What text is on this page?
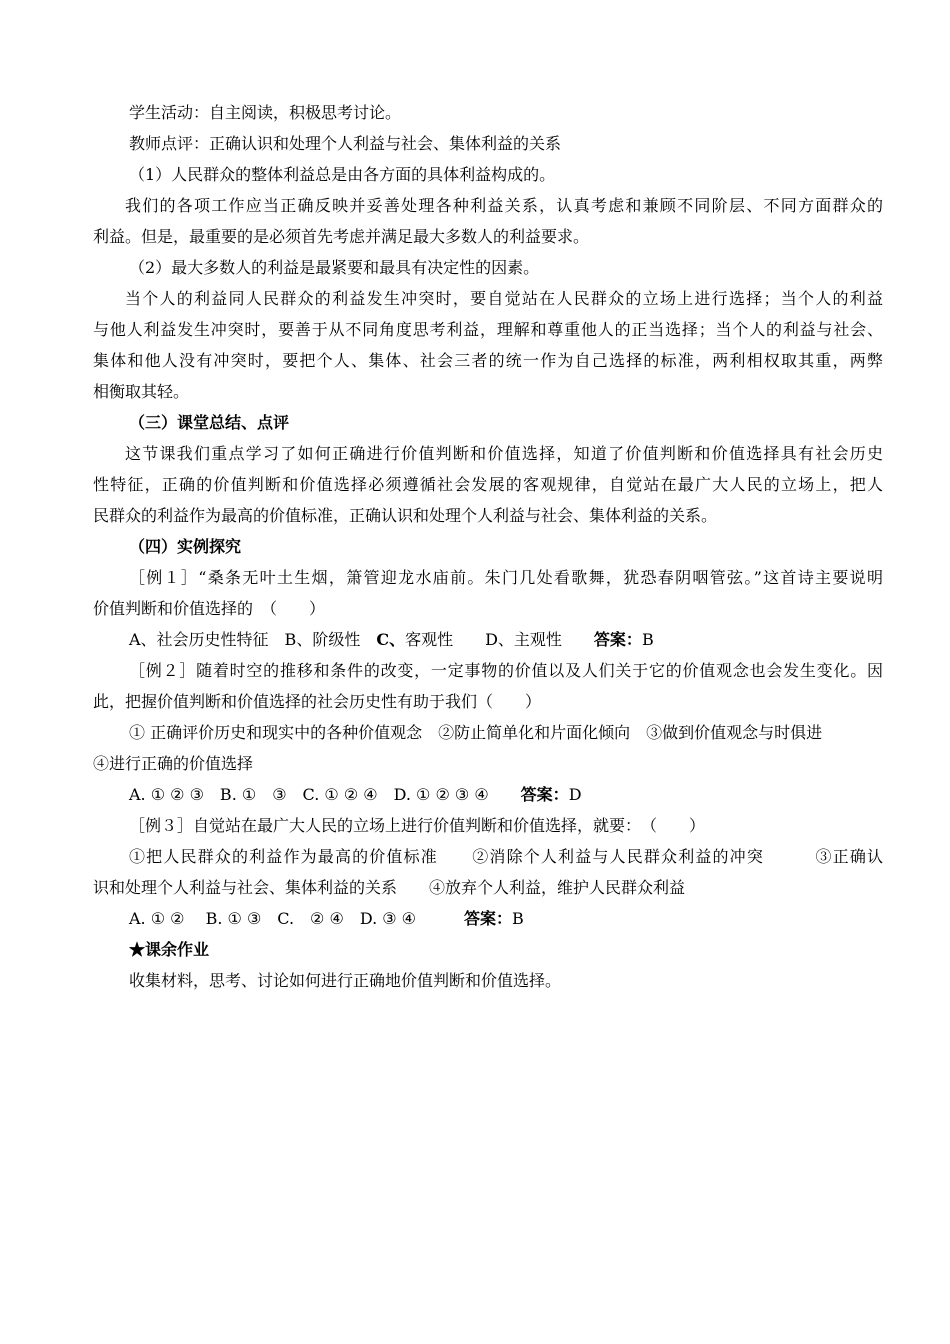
学生活动：自主阅读，积极思考讨论。
教师点评：正确认识和处理个人利益与社会、集体利益的关系
（1）人民群众的整体利益总是由各方面的具体利益构成的。
我们的各项工作应当正确反映并妥善处理各种利益关系，认真考虑和兼顾不同阶层、不同方面群众的
利益。但是，最重要的是必须首先考虑并满足最大多数人的利益要求。
（2）最大多数人的利益是最紧要和最具有决定性的因素。
当个人的利益同人民群众的利益发生冲突时，要自觉站在人民群众的立场上进行选择；当个人的利益
与他人利益发生冲突时，要善于从不同角度思考利益，理解和尊重他人的正当选择；当个人的利益与社会、
集体和他人没有冲突时，要把个人、集体、社会三者的统一作为自己选择的标准，两利相权取其重，两弊
相衡取其轻。
（三）课堂总结、点评
这节课我们重点学习了如何正确进行价值判断和价值选择，知道了价值判断和价值选择具有社会历史
性特征，正确的价值判断和价值选择必须遵循社会发展的客观规律，自觉站在最广大人民的立场上，把人
民群众的利益作为最高的价值标准，正确认识和处理个人利益与社会、集体利益的关系。
（四）实例探究
［例１］“桑条无叶土生烟，箫管迎龙水庙前。朱门几处看歌舞，犹恐春阴咽管弦。”这首诗主要说明
价值判断和价值选择的　（　　）
A、社会历史性特征　B、阶级性　C、客观性　　D、主观性　　答案：B
［例２］随着时空的推移和条件的改变，一定事物的价值以及人们关于它的价值观念也会发生变化。因
此，把握价值判断和价值选择的社会历史性有助于我们（　　）
① 正确评价历史和现实中的各种价值观念　②防止简单化和片面化倾向　③做到价值观念与时俱进
④进行正确的价值选择
A. ① ② ③　B. ①　③　C. ① ② ④　D. ① ② ③ ④　　答案：D
［例３］自觉站在最广大人民的立场上进行价值判断和价值选择，就要：　（　　）
①把人民群众的利益作为最高的价值标准　　②消除个人利益与人民群众利益的冲突　　　③正确认
识和处理个人利益与社会、集体利益的关系　　④放弃个人利益，维护人民群众利益
A. ① ②　 B. ① ③　C.　② ④　D. ③ ④　　　答案：B
★课余作业
收集材料，思考、讨论如何进行正确地价值判断和价值选择。
